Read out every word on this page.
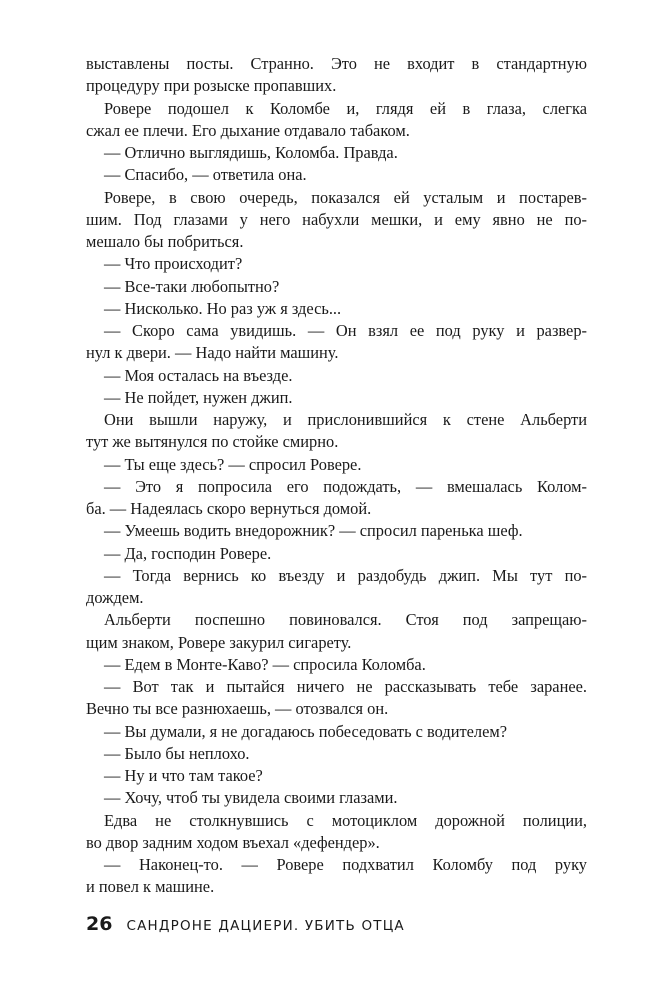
выставлены посты. Странно. Это не входит в стандартную
процедуру при розыске пропавших.
Ровере подошел к Коломбе и, глядя ей в глаза, слегка
сжал ее плечи. Его дыхание отдавало табаком.
— Отлично выглядишь, Коломба. Правда.
— Спасибо, — ответила она.
Ровере, в свою очередь, показался ей усталым и постарев-
шим. Под глазами у него набухли мешки, и ему явно не по-
мешало бы побриться.
— Что происходит?
— Все-таки любопытно?
— Нисколько. Но раз уж я здесь...
— Скоро сама увидишь. — Он взял ее под руку и развер-
нул к двери. — Надо найти машину.
— Моя осталась на въезде.
— Не пойдет, нужен джип.
Они вышли наружу, и прислонившийся к стене Альберти
тут же вытянулся по стойке смирно.
— Ты еще здесь? — спросил Ровере.
— Это я попросила его подождать, — вмешалась Колом-
ба. — Надеялась скоро вернуться домой.
— Умеешь водить внедорожник? — спросил паренька шеф.
— Да, господин Ровере.
— Тогда вернись ко въезду и раздобудь джип. Мы тут по-
дождем.
Альберти поспешно повиновался. Стоя под запрещаю-
щим знаком, Ровере закурил сигарету.
— Едем в Монте-Каво? — спросила Коломба.
— Вот так и пытайся ничего не рассказывать тебе заранее.
Вечно ты все разнюхаешь, — отозвался он.
— Вы думали, я не догадаюсь побеседовать с водителем?
— Было бы неплохо.
— Ну и что там такое?
— Хочу, чтоб ты увидела своими глазами.
Едва не столкнувшись с мотоциклом дорожной полиции,
во двор задним ходом въехал «дефендер».
— Наконец-то. — Ровере подхватил Коломбу под руку
и повел к машине.
26 САНДРОНЕ ДАЦИЕРИ. УБИТЬ ОТЦА
